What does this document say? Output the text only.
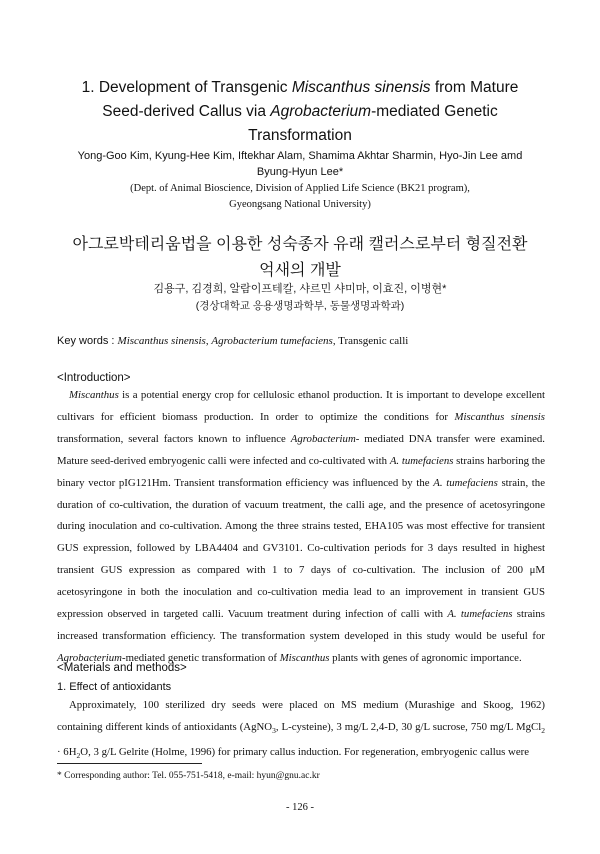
1. Development of Transgenic Miscanthus sinensis from Mature
Seed-derived Callus via Agrobacterium-mediated Genetic
Transformation
Yong-Goo Kim, Kyung-Hee Kim, Iftekhar Alam, Shamima Akhtar Sharmin, Hyo-Jin Lee amd
Byung-Hyun Lee*
(Dept. of Animal Bioscience, Division of Applied Life Science (BK21 program),
Gyeongsang National University)
아그로박테리움법을 이용한 성숙종자 유래 캘러스로부터 형질전환
억새의 개발
김용구, 김경희, 알람이프테칼, 샤르민 샤미마, 이효진, 이병현*
(경상대학교 응용생명과학부, 동물생명과학과)
Key words : Miscanthus sinensis, Agrobacterium tumefaciens, Transgenic calli
<Introduction>
Miscanthus is a potential energy crop for cellulosic ethanol production. It is important to develope excellent cultivars for efficient biomass production. In order to optimize the conditions for Miscanthus sinensis transformation, several factors known to influence Agrobacterium- mediated DNA transfer were examined. Mature seed-derived embryogenic calli were infected and co-cultivated with A. tumefaciens strains harboring the binary vector pIG121Hm. Transient transformation efficiency was influenced by the A. tumefaciens strain, the duration of co-cultivation, the duration of vacuum treatment, the calli age, and the presence of acetosyringone during inoculation and co-cultivation. Among the three strains tested, EHA105 was most effective for transient GUS expression, followed by LBA4404 and GV3101. Co-cultivation periods for 3 days resulted in highest transient GUS expression as compared with 1 to 7 days of co-cultivation. The inclusion of 200 μM acetosyringone in both the inoculation and co-cultivation media lead to an improvement in transient GUS expression observed in targeted calli. Vacuum treatment during infection of calli with A. tumefaciens strains increased transformation efficiency. The transformation system developed in this study would be useful for Agrobacterium-mediated genetic transformation of Miscanthus plants with genes of agronomic importance.
<Materials and methods>
1. Effect of antioxidants
Approximately, 100 sterilized dry seeds were placed on MS medium (Murashige and Skoog, 1962) containing different kinds of antioxidants (AgNO$_3$, L-cysteine), 3 mg/L 2,4-D, 30 g/L sucrose, 750 mg/L MgCl$_2$ · $6H_2O$, 3 g/L Gelrite (Holme, 1996) for primary callus induction. For regeneration, embryogenic callus were
* Corresponding author: Tel. 055-751-5418, e-mail: hyun@gnu.ac.kr
- 126 -
